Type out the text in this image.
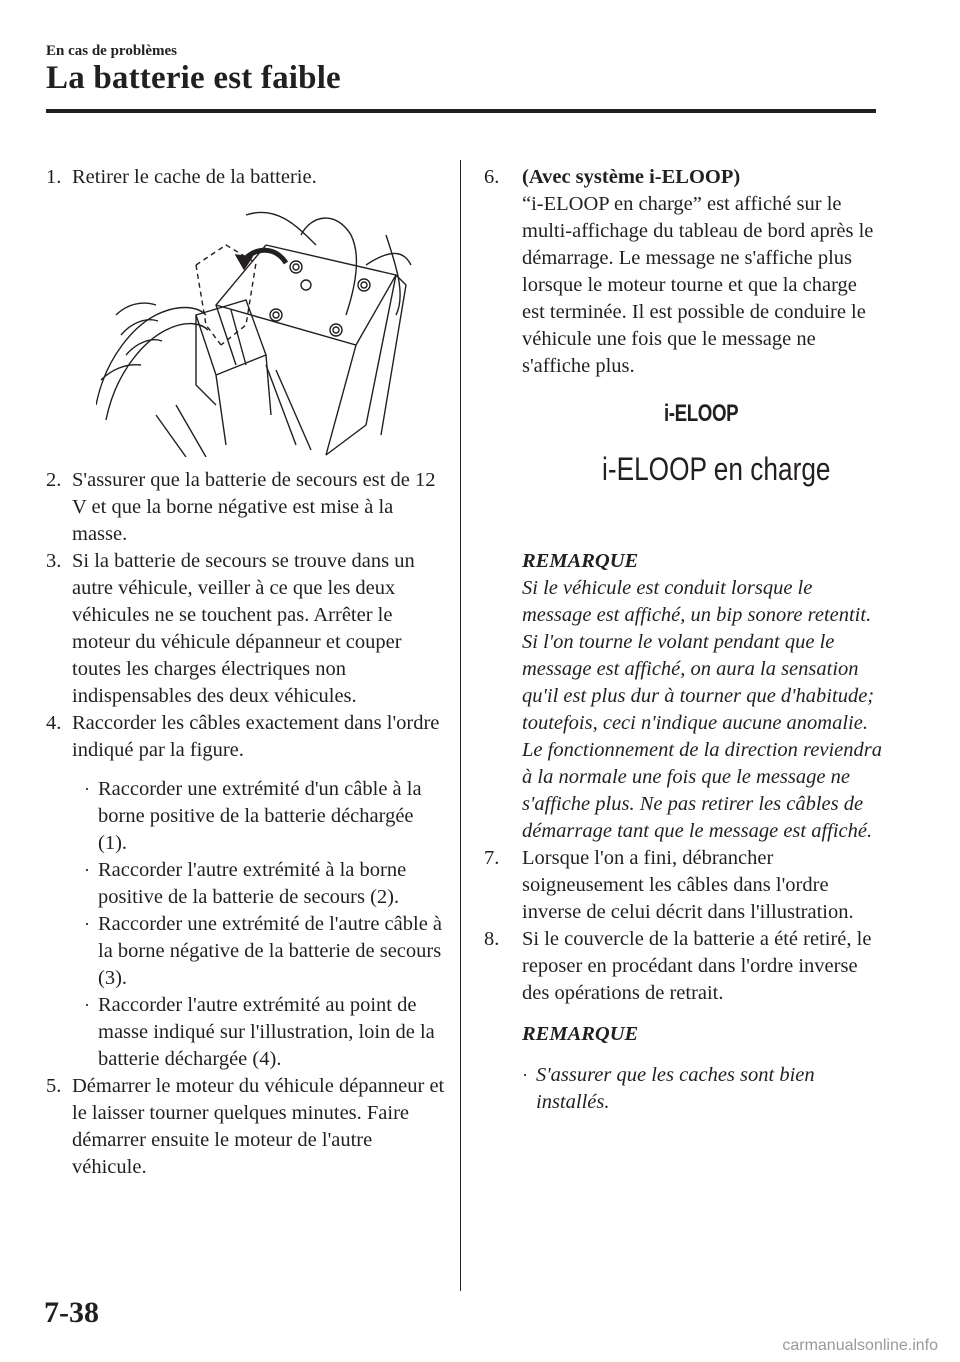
En cas de problèmes
La batterie est faible
1. Retirer le cache de la batterie.
2. S'assurer que la batterie de secours est de 12 V et que la borne négative est mise à la masse.
3. Si la batterie de secours se trouve dans un autre véhicule, veiller à ce que les deux véhicules ne se touchent pas. Arrêter le moteur du véhicule dépanneur et couper toutes les charges électriques non indispensables des deux véhicules.
4. Raccorder les câbles exactement dans l'ordre indiqué par la figure.
· Raccorder une extrémité d'un câble à la borne positive de la batterie déchargée (1).
· Raccorder l'autre extrémité à la borne positive de la batterie de secours (2).
· Raccorder une extrémité de l'autre câble à la borne négative de la batterie de secours (3).
· Raccorder l'autre extrémité au point de masse indiqué sur l'illustration, loin de la batterie déchargée (4).
5. Démarrer le moteur du véhicule dépanneur et le laisser tourner quelques minutes. Faire démarrer ensuite le moteur de l'autre véhicule.
6. (Avec système i-ELOOP)
“i-ELOOP en charge” est affiché sur le multi-affichage du tableau de bord après le démarrage. Le message ne s'affiche plus lorsque le moteur tourne et que la charge est terminée. Il est possible de conduire le véhicule une fois que le message ne s'affiche plus.
i-ELOOP
i-ELOOP en charge
REMARQUE
Si le véhicule est conduit lorsque le message est affiché, un bip sonore retentit. Si l'on tourne le volant pendant que le message est affiché, on aura la sensation qu'il est plus dur à tourner que d'habitude; toutefois, ceci n'indique aucune anomalie. Le fonctionnement de la direction reviendra à la normale une fois que le message ne s'affiche plus. Ne pas retirer les câbles de démarrage tant que le message est affiché.
7. Lorsque l'on a fini, débrancher soigneusement les câbles dans l'ordre inverse de celui décrit dans l'illustration.
8. Si le couvercle de la batterie a été retiré, le reposer en procédant dans l'ordre inverse des opérations de retrait.
REMARQUE
· S'assurer que les caches sont bien installés.
7-38
carmanualsonline.info
